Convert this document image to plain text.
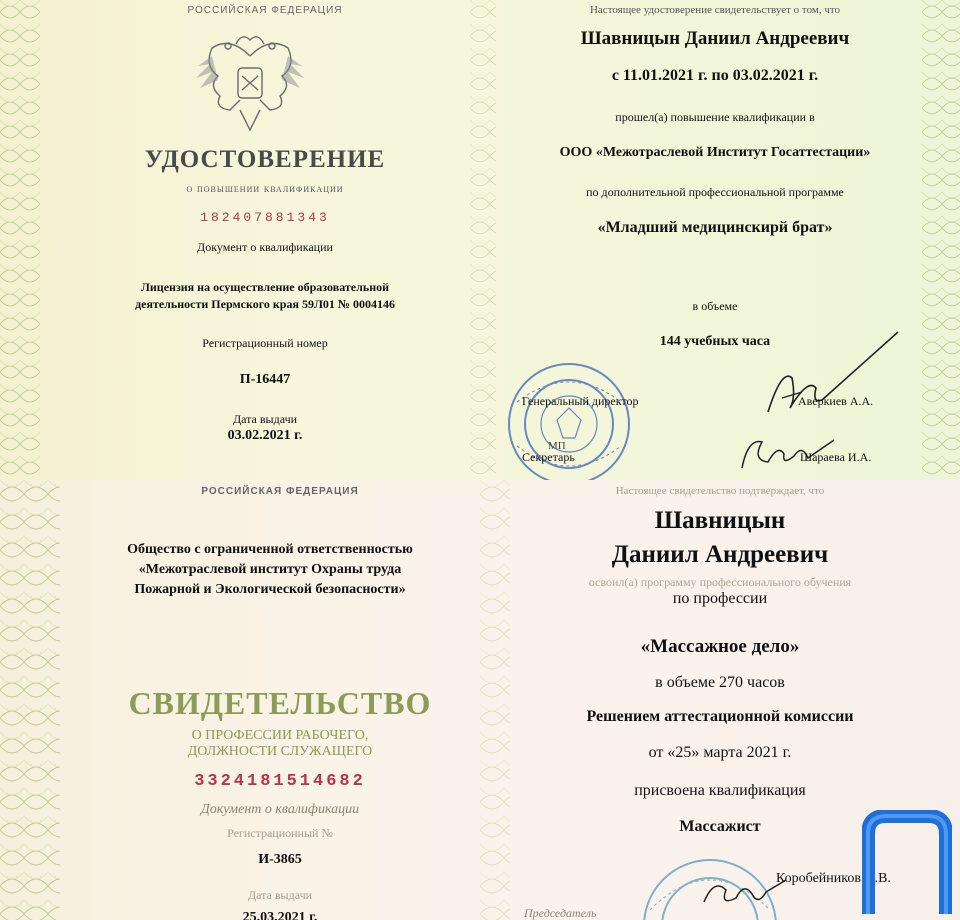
РОССИЙСКАЯ ФЕДЕРАЦИЯ

УДОСТОВЕРЕНИЕ

о повышении квалификации

182407881343

Документ о квалификации

Лицензия на осуществление образовательной

деятельности Пермского края 59Л01 № 0004146

Регистрационный номер

П-16447

Дата выдачи

03.02.2021 г.

Настоящее удостоверение свидетельствует о том, что

Шавницын Даниил Андреевич

с 11.01.2021 г. по 03.02.2021 г.

прошел(а) повышение квалификации в

ООО «Межотраслевой Институт Госаттестации»

по дополнительной профессиональной программе

«Младший медицинскирй брат»

в объеме

144 учебных часа

МП

Генеральный директор	Аверкиев А.А.

Секретарь	Шараева И.А.

РОССИЙСКАЯ ФЕДЕРАЦИЯ

Общество с ограниченной ответственностью

«Межотраслевой институт Охраны труда

Пожарной и Экологической безопасности»

СВИДЕТЕЛЬСТВО

О ПРОФЕССИИ РАБОЧЕГО,

ДОЛЖНОСТИ СЛУЖАЩЕГО

3324181514682

Документ о квалификации

Регистрационный №

И-3865

Дата выдачи

25.03.2021 г.

Настоящее свидетельство подтверждает, что

Шавницын

Даниил Андреевич

освоил(а) программу профессионального обучения

по профессии

«Массажное дело»

в объеме 270 часов

Решением аттестационной комиссии

от «25» марта 2021 г.

присвоена квалификация

Массажист

Председатель

Коробейников А.В.
